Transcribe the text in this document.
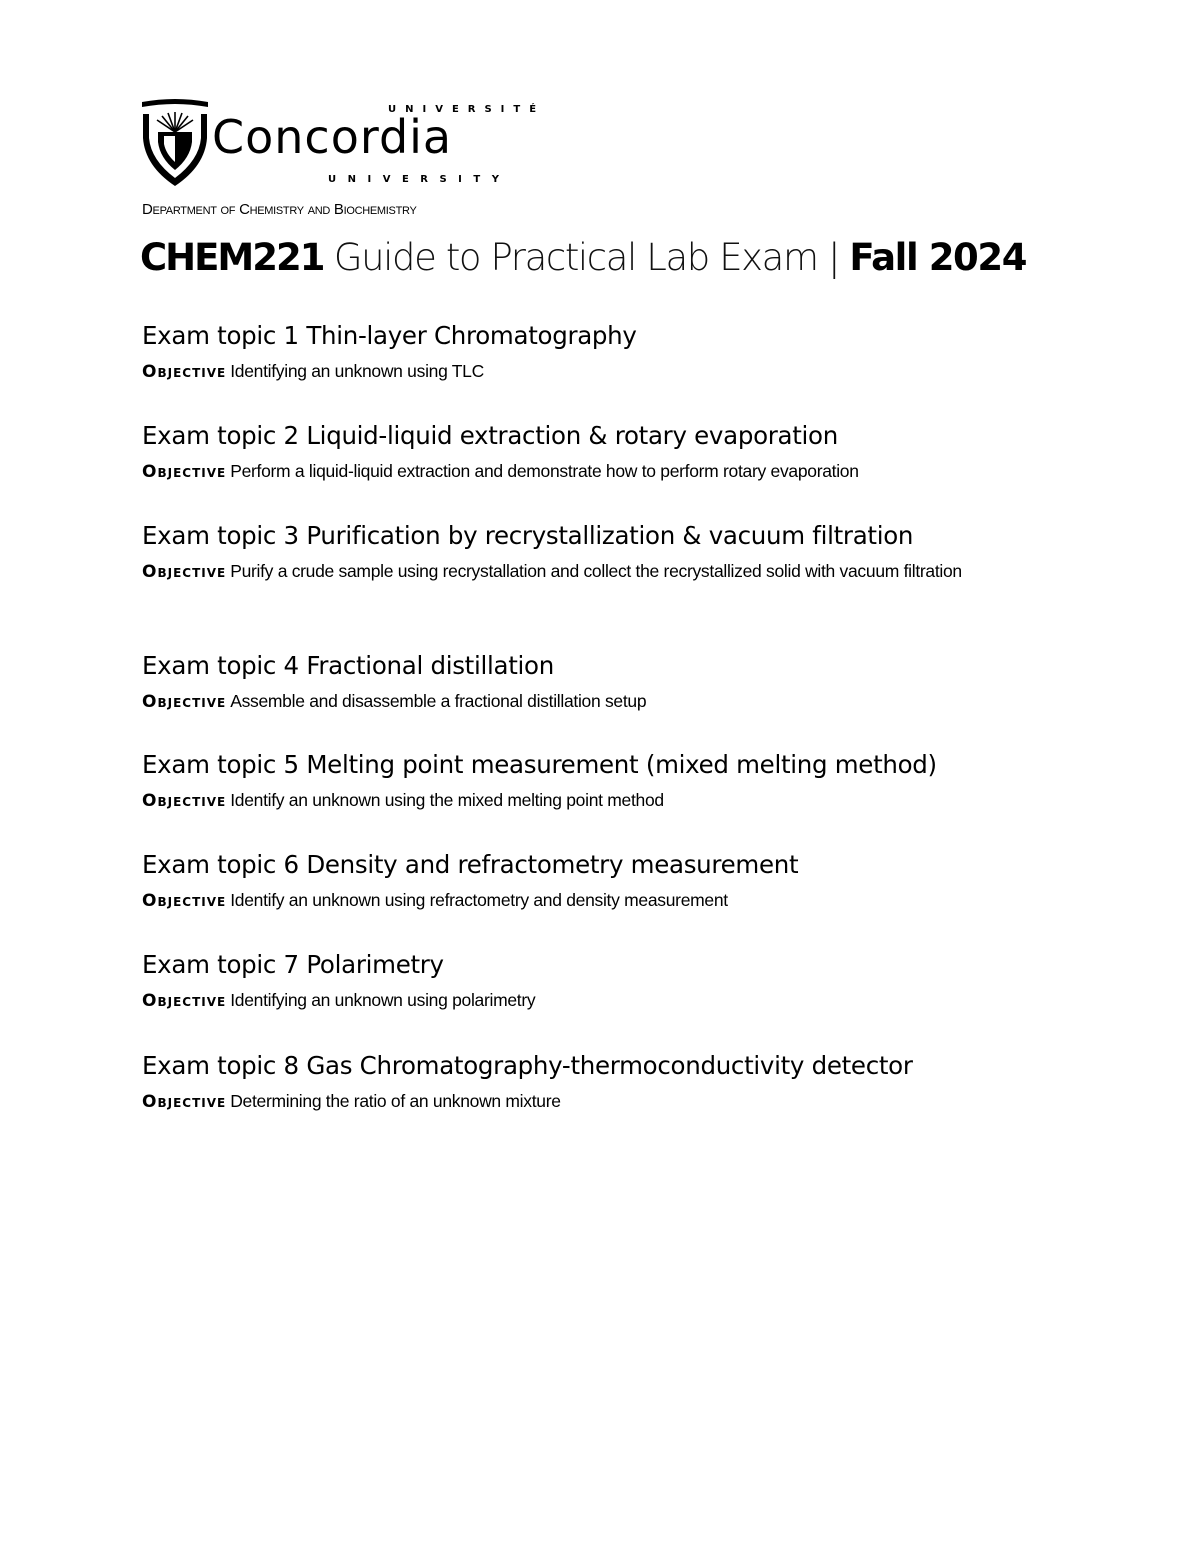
UNIVERSITÉ
Concordia
UNIVERSITY
Department of Chemistry and Biochemistry
CHEM221 Guide to Practical Lab Exam | Fall 2024
Exam topic 1 Thin-layer Chromatography
Objective Identifying an unknown using TLC
Exam topic 2 Liquid-liquid extraction & rotary evaporation
Objective Perform a liquid-liquid extraction and demonstrate how to perform rotary evaporation
Exam topic 3 Purification by recrystallization & vacuum filtration
Objective Purify a crude sample using recrystallation and collect the recrystallized solid with vacuum filtration
Exam topic 4 Fractional distillation
Objective Assemble and disassemble a fractional distillation setup
Exam topic 5 Melting point measurement (mixed melting method)
Objective Identify an unknown using the mixed melting point method
Exam topic 6 Density and refractometry measurement
Objective Identify an unknown using refractometry and density measurement
Exam topic 7 Polarimetry
Objective Identifying an unknown using polarimetry
Exam topic 8 Gas Chromatography-thermoconductivity detector
Objective Determining the ratio of an unknown mixture
